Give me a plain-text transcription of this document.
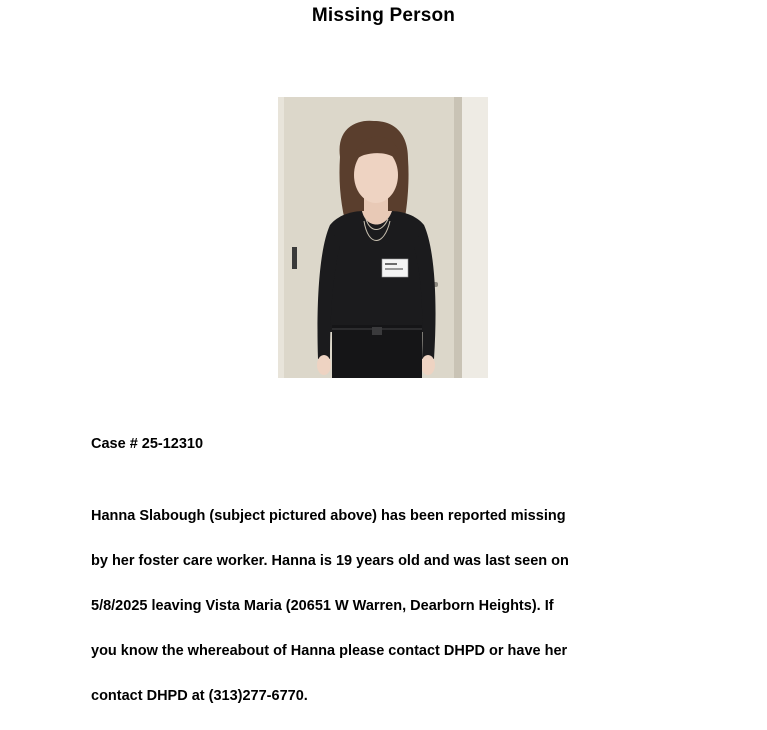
Missing Person
Case # 25-12310

Hanna Slabough (subject pictured above) has been reported missing

by her foster care worker. Hanna is 19 years old and was last seen on

5/8/2025 leaving Vista Maria (20651 W Warren, Dearborn Heights). If

you know the whereabout of Hanna please contact DHPD or have her

contact DHPD at (313)277-6770.
